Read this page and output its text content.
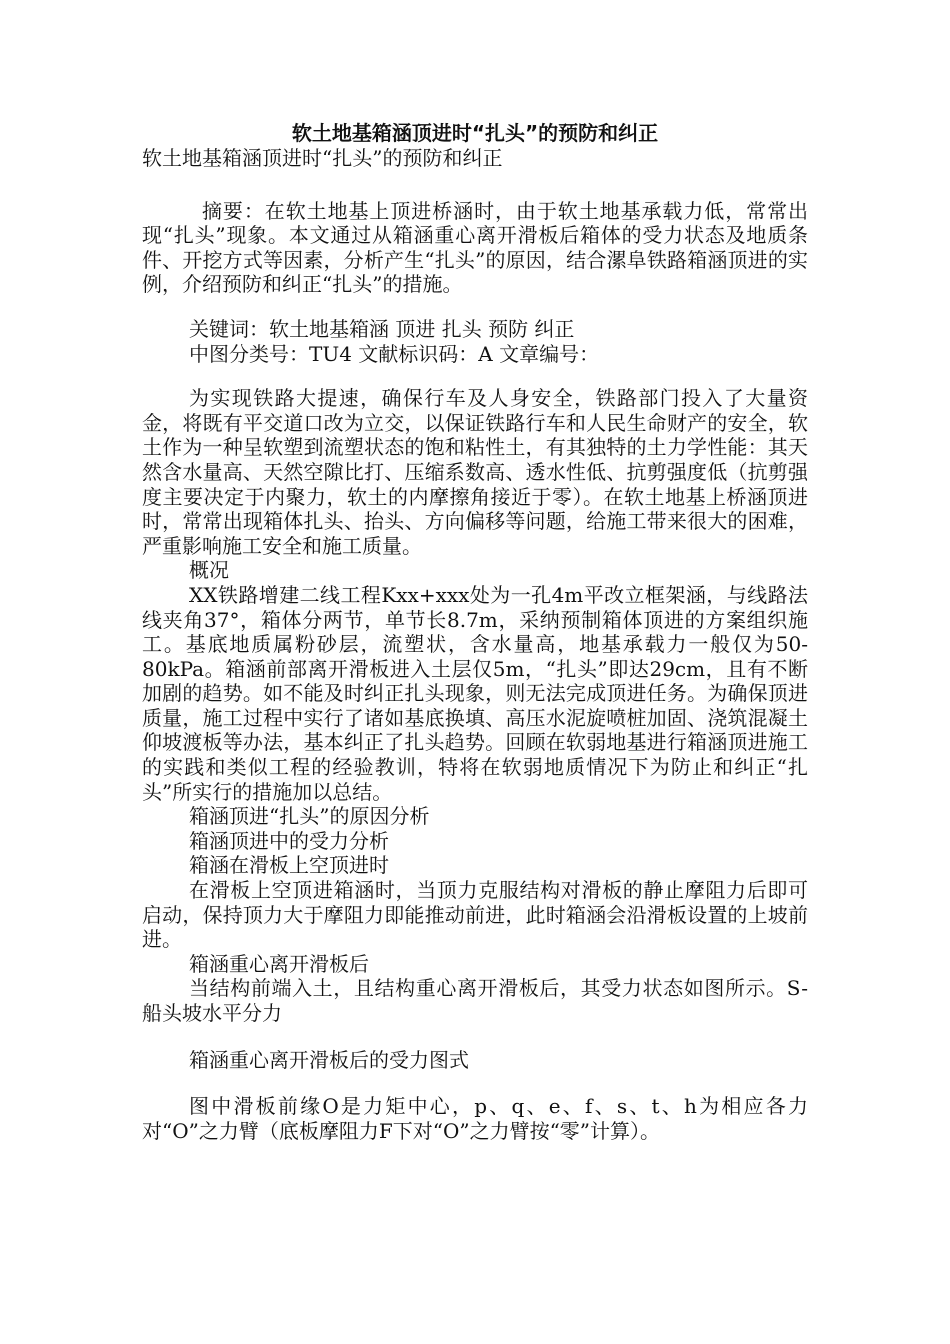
软土地基箱涵顶进时“扎头”的预防和纠正

软土地基箱涵顶进时“扎头”的预防和纠正

摘要：在软土地基上顶进桥涵时，由于软土地基承载力低，常常出现“扎头”现象。本文通过从箱涵重心离开滑板后箱体的受力状态及地质条件、开挖方式等因素，分析产生“扎头”的原因，结合漯阜铁路箱涵顶进的实例，介绍预防和纠正“扎头”的措施。

关键词：软土地基箱涵 顶进 扎头 预防 纠正

中图分类号：TU4 文献标识码：A 文章编号：

为实现铁路大提速，确保行车及人身安全，铁路部门投入了大量资金，将既有平交道口改为立交，以保证铁路行车和人民生命财产的安全，软土作为一种呈软塑到流塑状态的饱和粘性土，有其独特的土力学性能：其天然含水量高、天然空隙比打、压缩系数高、透水性低、抗剪强度低（抗剪强度主要决定于内聚力，软土的内摩擦角接近于零）。在软土地基上桥涵顶进时，常常出现箱体扎头、抬头、方向偏移等问题，给施工带来很大的困难，严重影响施工安全和施工质量。

概况

XX铁路增建二线工程Kxx+xxx处为一孔4m平改立框架涵，与线路法线夹角37°，箱体分两节，单节长8.7m，采纳预制箱体顶进的方案组织施工。基底地质属粉砂层，流塑状，含水量高，地基承载力一般仅为50-80kPa。箱涵前部离开滑板进入土层仅5m，“扎头”即达29cm，且有不断加剧的趋势。如不能及时纠正扎头现象，则无法完成顶进任务。为确保顶进质量，施工过程中实行了诸如基底换填、高压水泥旋喷桩加固、浇筑混凝土仰坡渡板等办法，基本纠正了扎头趋势。回顾在软弱地基进行箱涵顶进施工的实践和类似工程的经验教训，特将在软弱地质情况下为防止和纠正“扎头”所实行的措施加以总结。

箱涵顶进“扎头”的原因分析

箱涵顶进中的受力分析

箱涵在滑板上空顶进时

在滑板上空顶进箱涵时，当顶力克服结构对滑板的静止摩阻力后即可启动，保持顶力大于摩阻力即能推动前进，此时箱涵会沿滑板设置的上坡前进。

箱涵重心离开滑板后

当结构前端入土，且结构重心离开滑板后，其受力状态如图所示。S-船头坡水平分力

箱涵重心离开滑板后的受力图式

图中滑板前缘O是力矩中心，p、q、e、f、s、t、h为相应各力对“O”之力臂（底板摩阻力F下对“O”之力臂按“零”计算）。
